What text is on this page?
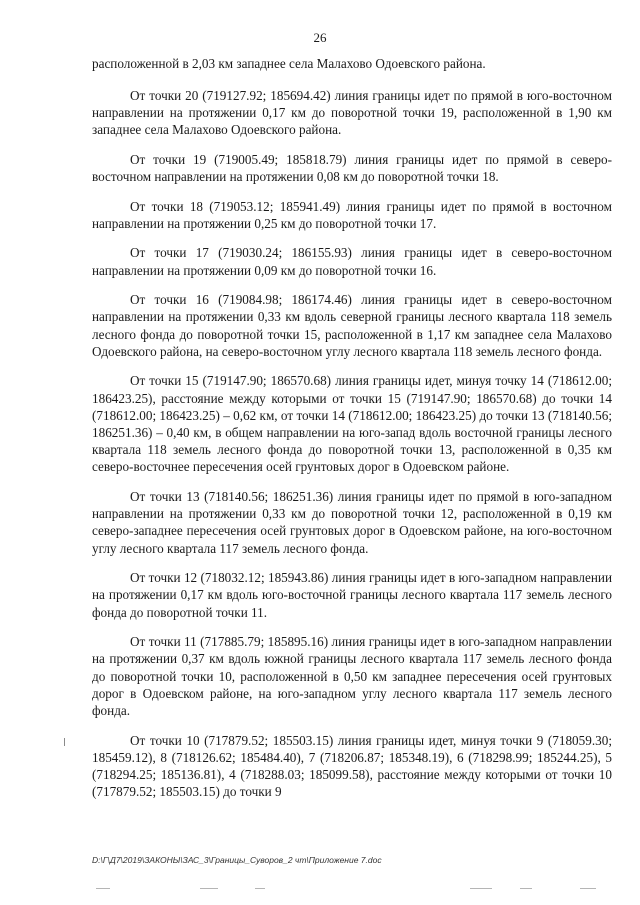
26

расположенной в 2,03 км западнее села Малахово Одоевского района.

От точки 20 (719127.92; 185694.42) линия границы идет по прямой в юго-восточном направлении на протяжении 0,17 км до поворотной точки 19, расположенной в 1,90 км западнее села Малахово Одоевского района.

От точки 19 (719005.49; 185818.79) линия границы идет по прямой в северо-восточном направлении на протяжении 0,08 км до поворотной точки 18.

От точки 18 (719053.12; 185941.49) линия границы идет по прямой в восточном направлении на протяжении 0,25 км до поворотной точки 17.

От точки 17 (719030.24; 186155.93) линия границы идет в северо-восточном направлении на протяжении 0,09 км до поворотной точки 16.

От точки 16 (719084.98; 186174.46) линия границы идет в северо-восточном направлении на протяжении 0,33 км вдоль северной границы лесного квартала 118 земель лесного фонда до поворотной точки 15, расположенной в 1,17 км западнее села Малахово Одоевского района, на северо-восточном углу лесного квартала 118 земель лесного фонда.

От точки 15 (719147.90; 186570.68) линия границы идет, минуя точку 14 (718612.00; 186423.25), расстояние между которыми от точки 15 (719147.90; 186570.68) до точки 14 (718612.00; 186423.25) – 0,62 км, от точки 14 (718612.00; 186423.25) до точки 13 (718140.56; 186251.36) – 0,40 км, в общем направлении на юго-запад вдоль восточной границы лесного квартала 118 земель лесного фонда до поворотной точки 13, расположенной в 0,35 км северо-восточнее пересечения осей грунтовых дорог в Одоевском районе.

От точки 13 (718140.56; 186251.36) линия границы идет по прямой в юго-западном направлении на протяжении 0,33 км до поворотной точки 12, расположенной в 0,19 км северо-западнее пересечения осей грунтовых дорог в Одоевском районе, на юго-восточном углу лесного квартала 117 земель лесного фонда.

От точки 12 (718032.12; 185943.86) линия границы идет в юго-западном направлении на протяжении 0,17 км вдоль юго-восточной границы лесного квартала 117 земель лесного фонда до поворотной точки 11.

От точки 11 (717885.79; 185895.16) линия границы идет в юго-западном направлении на протяжении 0,37 км вдоль южной границы лесного квартала 117 земель лесного фонда до поворотной точки 10, расположенной в 0,50 км западнее пересечения осей грунтовых дорог в Одоевском районе, на юго-западном углу лесного квартала 117 земель лесного фонда.

От точки 10 (717879.52; 185503.15) линия границы идет, минуя точки 9 (718059.30; 185459.12), 8 (718126.62; 185484.40), 7 (718206.87; 185348.19), 6 (718298.99; 185244.25), 5 (718294.25; 185136.81), 4 (718288.03; 185099.58), расстояние между которыми от точки 10 (717879.52; 185503.15) до точки 9

D:\Г\Д7\2019\ЗАКОНЫ\ЗАС_3\Границы_Суворов_2 чт\Приложение 7.doc
